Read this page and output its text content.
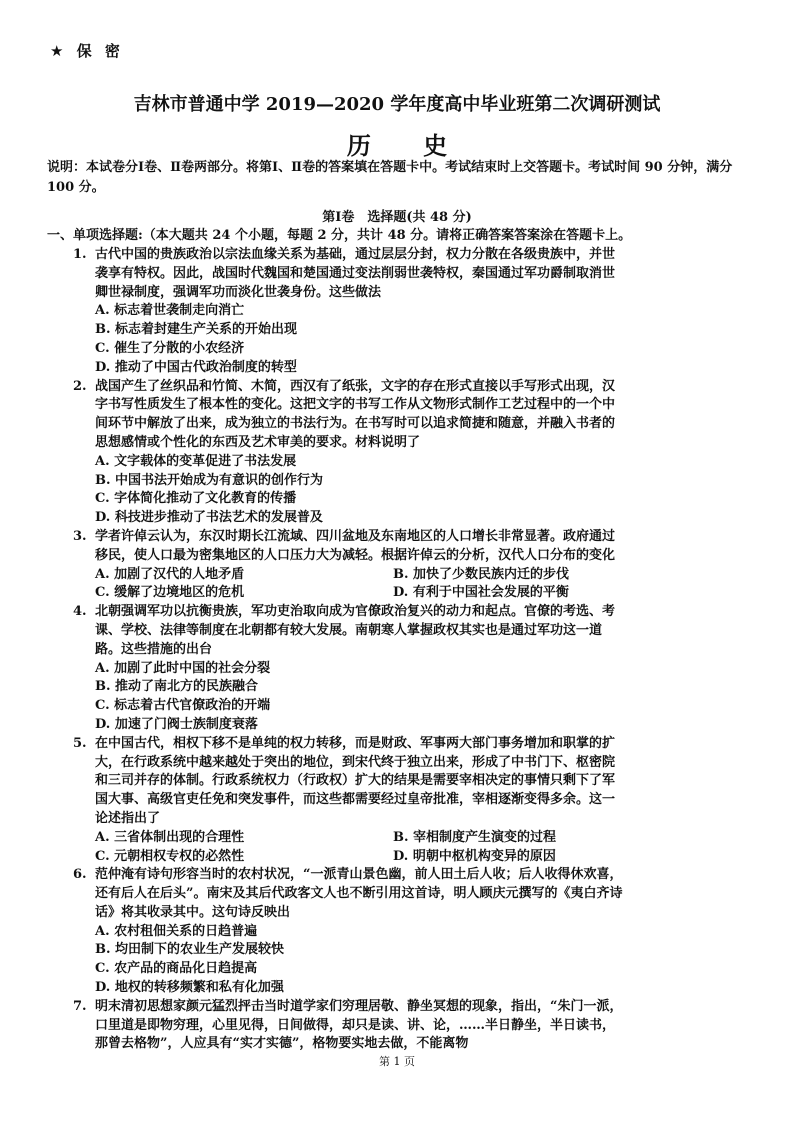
★ 保 密
吉林市普通中学 2019—2020 学年度高中毕业班第二次调研测试
历 史
说明：本试卷分Ⅰ卷、Ⅱ卷两部分。将第Ⅰ、Ⅱ卷的答案填在答题卡中。考试结束时上交答题卡。考试时间 90 分钟，满分 100 分。
第Ⅰ卷　选择题(共 48 分)
一、单项选择题:（本大题共 24 个小题，每题 2 分，共计 48 分。请将正确答案答案涂在答题卡上。
1. 古代中国的贵族政治以宗法血缘关系为基础，通过层层分封，权力分散在各级贵族中，并世袭享有特权。因此，战国时代魏国和楚国通过变法削弱世袭特权，秦国通过军功爵制取消世卿世禄制度，强调军功而淡化世袭身份。这些做法
A. 标志着世袭制走向消亡
B. 标志着封建生产关系的开始出现
C. 催生了分散的小农经济
D. 推动了中国古代政治制度的转型
2. 战国产生了丝织品和竹简、木简，西汉有了纸张，文字的存在形式直接以手写形式出现，汉字书写性质发生了根本性的变化。这把文字的书写工作从文物形式制作工艺过程中的一个中间环节中解放了出来，成为独立的书法行为。在书写时可以追求简捷和随意，并融入书者的思想感情或个性化的东西及艺术审美的要求。材料说明了
A. 文字载体的变革促进了书法发展
B. 中国书法开始成为有意识的创作行为
C. 字体简化推动了文化教育的传播
D. 科技进步推动了书法艺术的发展普及
3. 学者许倬云认为，东汉时期长江流域、四川盆地及东南地区的人口增长非常显著。政府通过移民，使人口最为密集地区的人口压力大为减轻。根据许倬云的分析，汉代人口分布的变化
A. 加剧了汉代的人地矛盾	B. 加快了少数民族内迁的步伐
C. 缓解了边境地区的危机	D. 有利于中国社会发展的平衡
4. 北朝强调军功以抗衡贵族，军功吏治取向成为官僚政治复兴的动力和起点。官僚的考选、考课、学校、法律等制度在北朝都有较大发展。南朝寒人掌握政权其实也是通过军功这一道路。这些措施的出台
A. 加剧了此时中国的社会分裂
B. 推动了南北方的民族融合
C. 标志着古代官僚政治的开端
D. 加速了门阀士族制度衰落
5. 在中国古代，相权下移不是单纯的权力转移，而是财政、军事两大部门事务增加和职掌的扩大，在行政系统中越来越处于突出的地位，到宋代终于独立出来，形成了中书门下、枢密院和三司并存的体制。行政系统权力（行政权）扩大的结果是需要宰相决定的事情只剩下了军国大事、高级官吏任免和突发事件，而这些都需要经过皇帝批准，宰相逐渐变得多余。这一论述指出了
A. 三省体制出现的合理性	B. 宰相制度产生演变的过程
C. 元朝相权专权的必然性	D. 明朝中枢机构变异的原因
6. 范仲淹有诗句形容当时的农村状况，“一派青山景色幽，前人田土后人收；后人收得休欢喜，还有后人在后头”。南宋及其后代政客文人也不断引用这首诗，明人顾庆元撰写的《夷白齐诗话》将其收录其中。这句诗反映出
A. 农村租佃关系的日趋普遍
B. 均田制下的农业生产发展较快
C. 农产品的商品化日趋提高
D. 地权的转移频繁和私有化加强
7. 明末清初思想家颜元猛烈抨击当时道学家们穷理居敬、静坐冥想的现象，指出，“朱门一派，口里道是即物穷理，心里见得，日间做得，却只是读、讲、论，……半日静坐，半日读书，那曾去格物”，人应具有“实才实德”，格物要实地去做，不能离物
第 1 页
